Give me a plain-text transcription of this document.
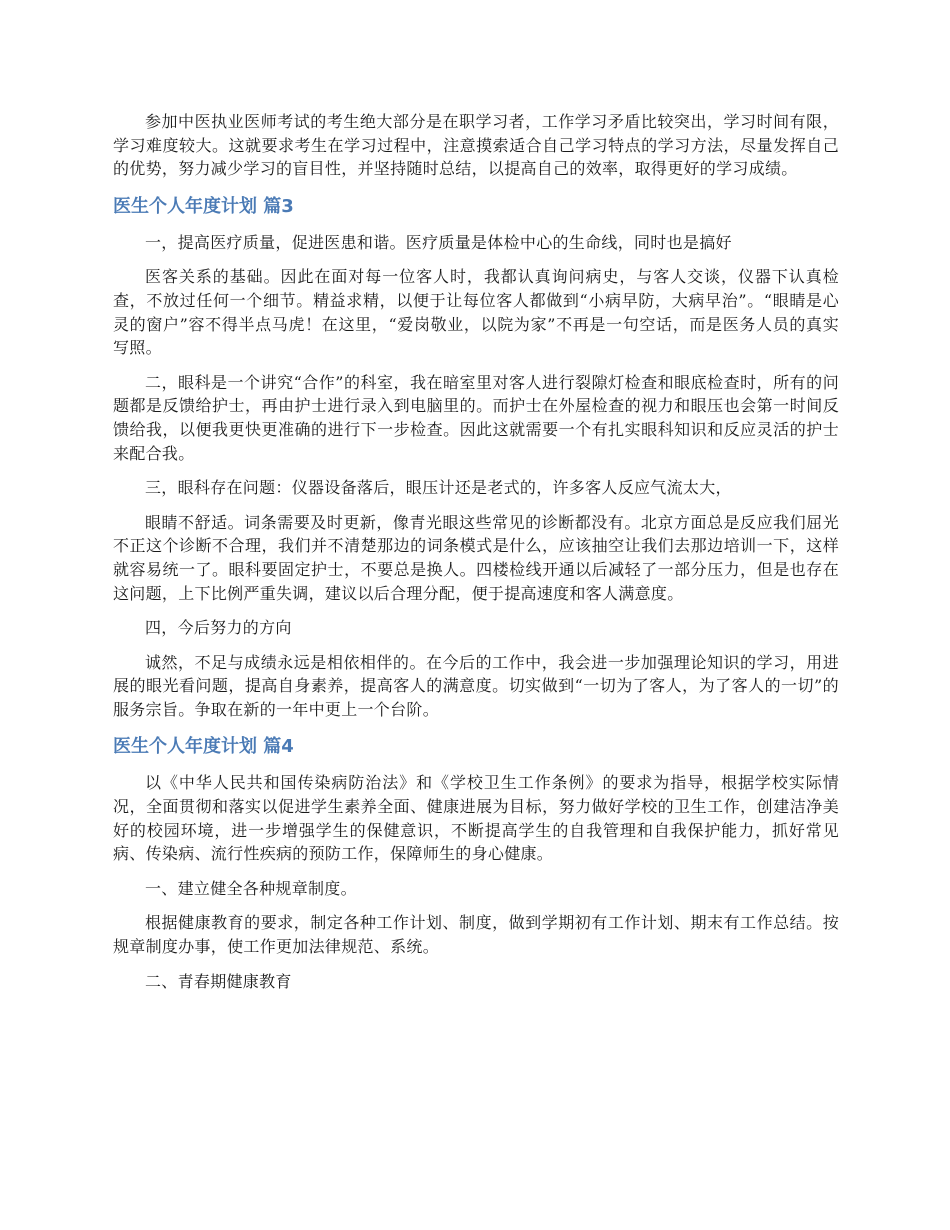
参加中医执业医师考试的考生绝大部分是在职学习者，工作学习矛盾比较突出，学习时间有限，学习难度较大。这就要求考生在学习过程中，注意摸索适合自己学习特点的学习方法，尽量发挥自己的优势，努力减少学习的盲目性，并坚持随时总结，以提高自己的效率，取得更好的学习成绩。

医生个人年度计划 篇3

一，提高医疗质量，促进医患和谐。医疗质量是体检中心的生命线，同时也是搞好

医客关系的基础。因此在面对每一位客人时，我都认真询问病史，与客人交谈，仪器下认真检查，不放过任何一个细节。精益求精，以便于让每位客人都做到“小病早防，大病早治”。“眼睛是心灵的窗户”容不得半点马虎！在这里，“爱岗敬业，以院为家”不再是一句空话，而是医务人员的真实写照。

二，眼科是一个讲究“合作”的科室，我在暗室里对客人进行裂隙灯检查和眼底检查时，所有的问题都是反馈给护士，再由护士进行录入到电脑里的。而护士在外屋检查的视力和眼压也会第一时间反馈给我，以便我更快更准确的进行下一步检查。因此这就需要一个有扎实眼科知识和反应灵活的护士来配合我。

三，眼科存在问题：仪器设备落后，眼压计还是老式的，许多客人反应气流太大，

眼睛不舒适。词条需要及时更新，像青光眼这些常见的诊断都没有。北京方面总是反应我们屈光不正这个诊断不合理，我们并不清楚那边的词条模式是什么，应该抽空让我们去那边培训一下，这样就容易统一了。眼科要固定护士，不要总是换人。四楼检线开通以后减轻了一部分压力，但是也存在这问题，上下比例严重失调，建议以后合理分配，便于提高速度和客人满意度。

四，今后努力的方向

诚然，不足与成绩永远是相依相伴的。在今后的工作中，我会进一步加强理论知识的学习，用进展的眼光看问题，提高自身素养，提高客人的满意度。切实做到“一切为了客人，为了客人的一切”的服务宗旨。争取在新的一年中更上一个台阶。

医生个人年度计划 篇4

以《中华人民共和国传染病防治法》和《学校卫生工作条例》的要求为指导，根据学校实际情况，全面贯彻和落实以促进学生素养全面、健康进展为目标，努力做好学校的卫生工作，创建洁净美好的校园环境，进一步增强学生的保健意识，不断提高学生的自我管理和自我保护能力，抓好常见病、传染病、流行性疾病的预防工作，保障师生的身心健康。

一、建立健全各种规章制度。

根据健康教育的要求，制定各种工作计划、制度，做到学期初有工作计划、期末有工作总结。按规章制度办事，使工作更加法律规范、系统。

二、青春期健康教育
